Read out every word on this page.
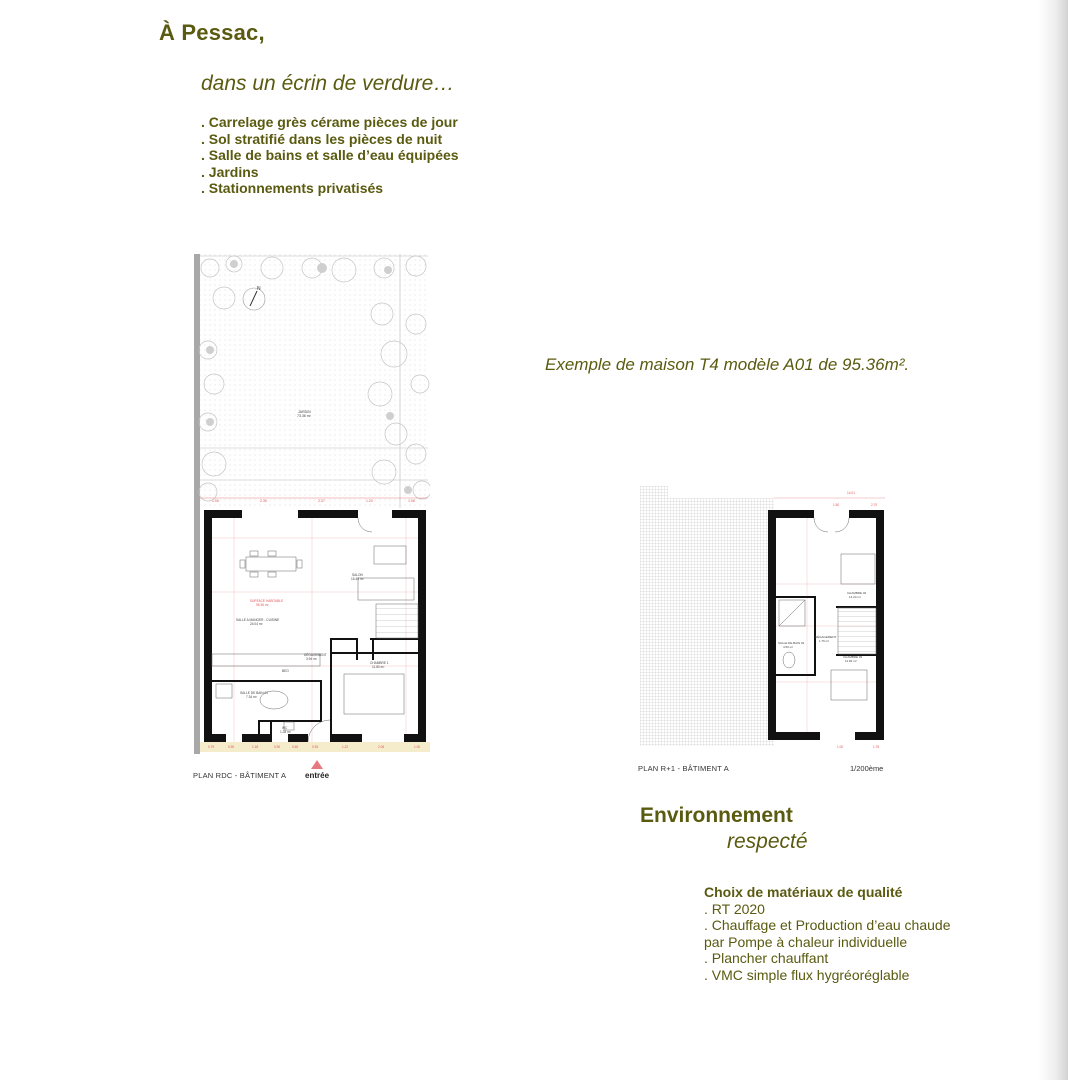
À Pessac,
dans un écrin de verdure…
. Carrelage grès cérame pièces de jour
. Sol stratifié dans les pièces de nuit
. Salle de bains et salle d’eau équipées
. Jardins
. Stationnements privatisés
N
JARDIN
73.36 m²
1.06	2.35	2.37	1.20	1.06
SALON
15.45 m²
SURFACE HABITABLE
95.36 m²
SALLE A MANGER - CUISINE
24.04 m²
DÉGAGEMENT
3.94 m²
CHAMBRE 1
11.80 m²
SALLE DE BAIN 01
7.34 m²
WC
1.28 m²
BEO
0.79	0.90	1.18	0.90	0.60	0.93	1.22	2.06	1.00
PLAN RDC - BÂTIMENT A entrée
Exemple de maison T4 modèle A01 de 95.36m².
14.01
1.50	2.70
CHAMBRE 02
14.24 m²
DÉGAGEMENT
1.76 m²
SALLE DE BAIN 02
4.50 m²
CHAMBRE 03
11.82 m²
1.00	1.76
PLAN R+1 - BÂTIMENT A	1/200ème
Environnement
respecté
Choix de matériaux de qualité
. RT 2020
. Chauffage et Production d’eau chaude
par Pompe à chaleur individuelle
. Plancher chauffant
. VMC simple flux hygréoréglable
